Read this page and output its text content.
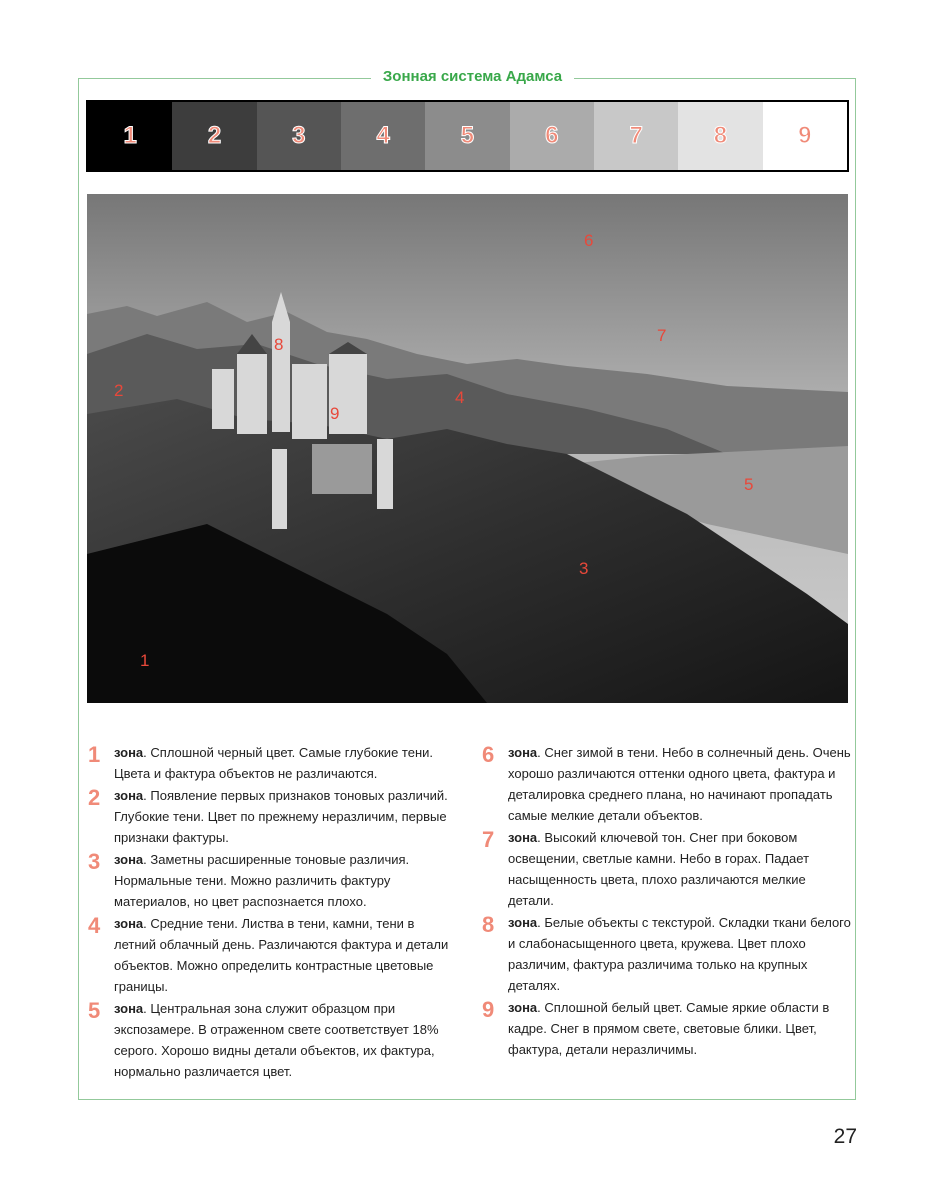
Зонная система Адамса
1	2	3	4	5	6	7	8	9
6
8	7
2	4
9
5
3
1
1 зона. Сплошной черный цвет. Самые глубокие тени. Цвета и фактура объектов не различаются.
2 зона. Появление первых признаков тоновых различий. Глубокие тени. Цвет по прежнему неразличим, первые признаки фактуры.
3 зона. Заметны расширенные тоновые различия. Нормальные тени. Можно различить фактуру материалов, но цвет распознается плохо.
4 зона. Средние тени. Листва в тени, камни, тени в летний облачный день. Различаются фактура и детали объектов. Можно определить контрастные цветовые границы.
5 зона. Центральная зона служит образцом при экспозамере. В отраженном свете соответствует 18% серого. Хорошо видны детали объектов, их фактура, нормально различается цвет.
6 зона. Снег зимой в тени. Небо в солнечный день. Очень хорошо различаются оттенки одного цвета, фактура и деталировка среднего плана, но начинают пропадать самые мелкие детали объектов.
7 зона. Высокий ключевой тон. Снег при боковом освещении, светлые камни. Небо в горах. Падает насыщенность цвета, плохо различаются мелкие детали.
8 зона. Белые объекты с текстурой. Складки ткани белого и слабонасыщенного цвета, кружева. Цвет плохо различим, фактура различима только на крупных деталях.
9 зона. Сплошной белый цвет. Самые яркие области в кадре. Снег в прямом свете, световые блики. Цвет, фактура, детали неразличимы.
27
